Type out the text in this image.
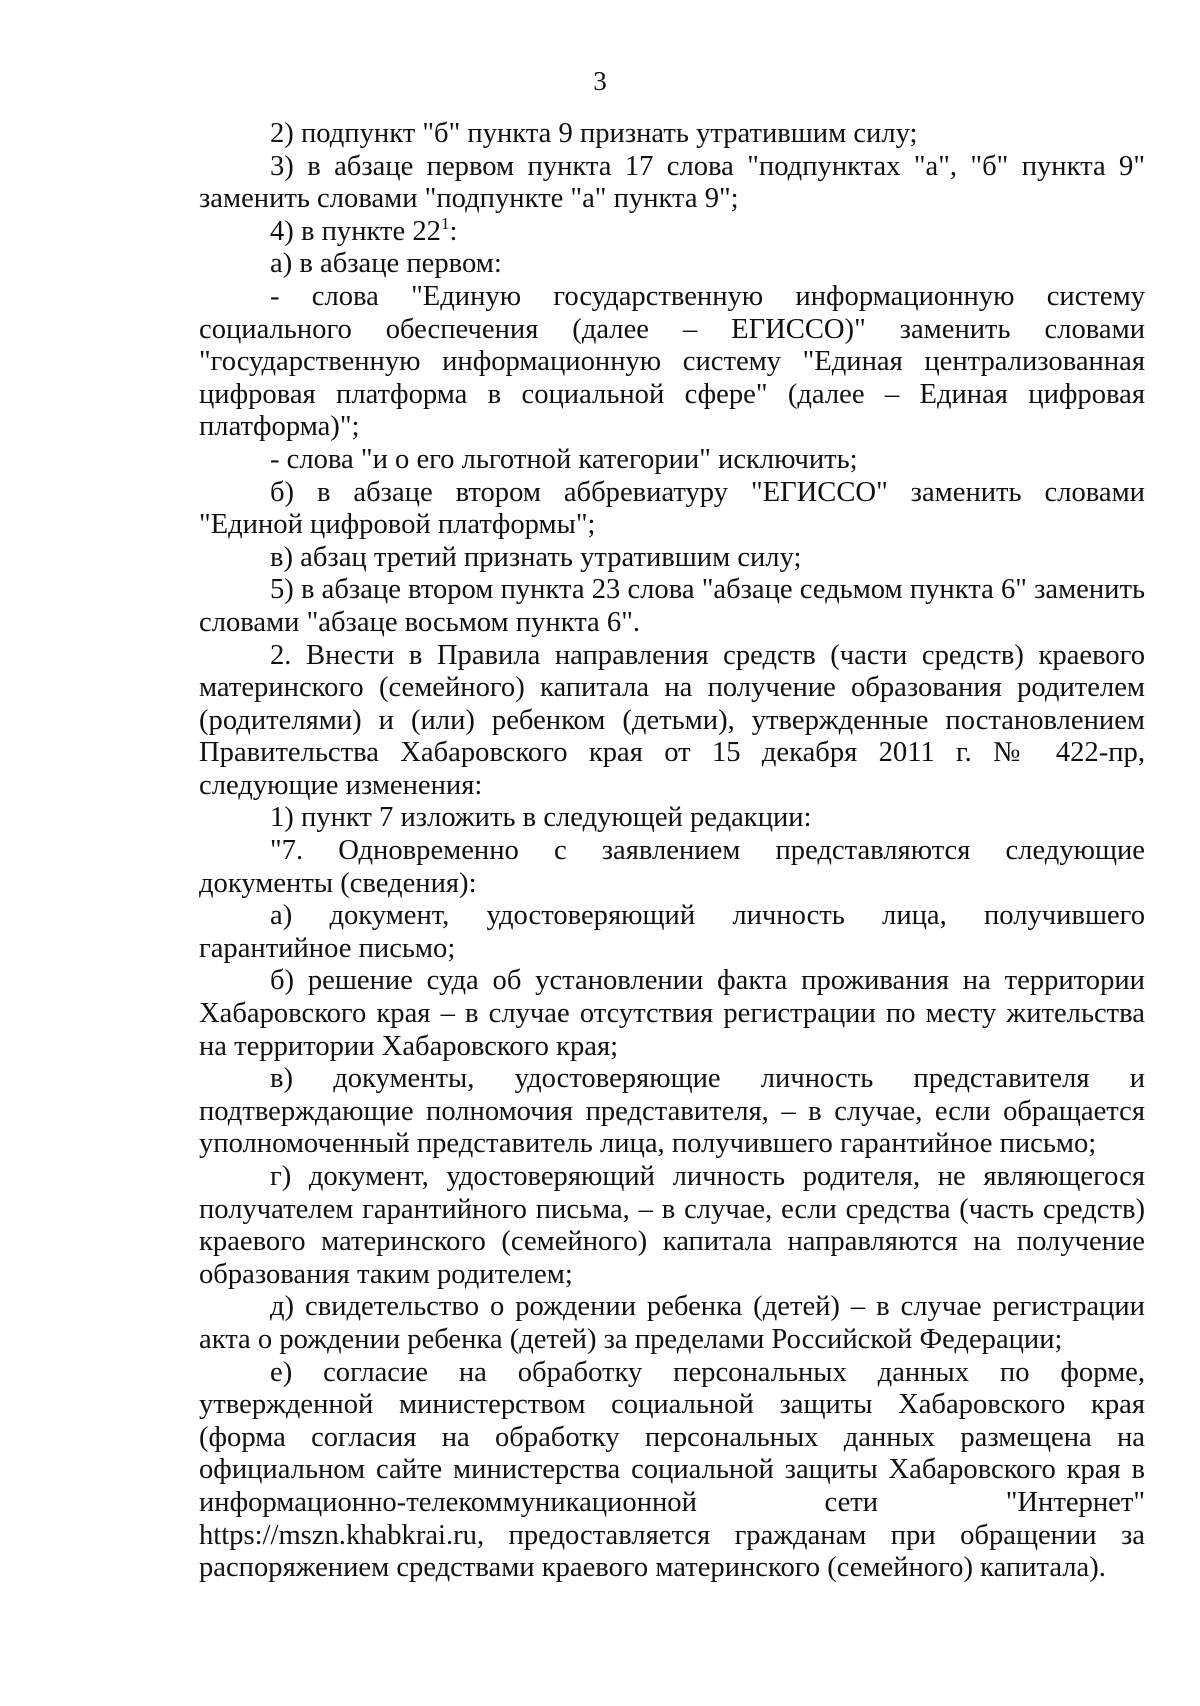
3

2) подпункт "б" пункта 9 признать утратившим силу;

3) в абзаце первом пункта 17 слова "подпунктах "а", "б" пункта 9" заменить словами "подпункте "а" пункта 9";

4) в пункте $22^1$:

а) в абзаце первом:

- слова "Единую государственную информационную систему социального обеспечения (далее – ЕГИССО)" заменить словами "государственную информационную систему "Единая централизованная цифровая платформа в социальной сфере" (далее – Единая цифровая платформа)";

- слова "и о его льготной категории" исключить;

б) в абзаце втором аббревиатуру "ЕГИССО" заменить словами "Единой цифровой платформы";

в) абзац третий признать утратившим силу;

5) в абзаце втором пункта 23 слова "абзаце седьмом пункта 6" заменить словами "абзаце восьмом пункта 6".

2. Внести в Правила направления средств (части средств) краевого материнского (семейного) капитала на получение образования родителем (родителями) и (или) ребенком (детьми), утвержденные постановлением Правительства Хабаровского края от 15 декабря 2011 г. № 422-пр, следующие изменения:

1) пункт 7 изложить в следующей редакции:

"7. Одновременно с заявлением представляются следующие документы (сведения):

а) документ, удостоверяющий личность лица, получившего гарантийное письмо;

б) решение суда об установлении факта проживания на территории Хабаровского края – в случае отсутствия регистрации по месту жительства на территории Хабаровского края;

в) документы, удостоверяющие личность представителя и подтверждающие полномочия представителя, – в случае, если обращается уполномоченный представитель лица, получившего гарантийное письмо;

г) документ, удостоверяющий личность родителя, не являющегося получателем гарантийного письма, – в случае, если средства (часть средств) краевого материнского (семейного) капитала направляются на получение образования таким родителем;

д) свидетельство о рождении ребенка (детей) – в случае регистрации акта о рождении ребенка (детей) за пределами Российской Федерации;

е) согласие на обработку персональных данных по форме, утвержденной министерством социальной защиты Хабаровского края (форма согласия на обработку персональных данных размещена на официальном сайте министерства социальной защиты Хабаровского края в информационно-телекоммуникационной сети "Интернет" https://mszn.khabkrai.ru, предоставляется гражданам при обращении за распоряжением средствами краевого материнского (семейного) капитала).
